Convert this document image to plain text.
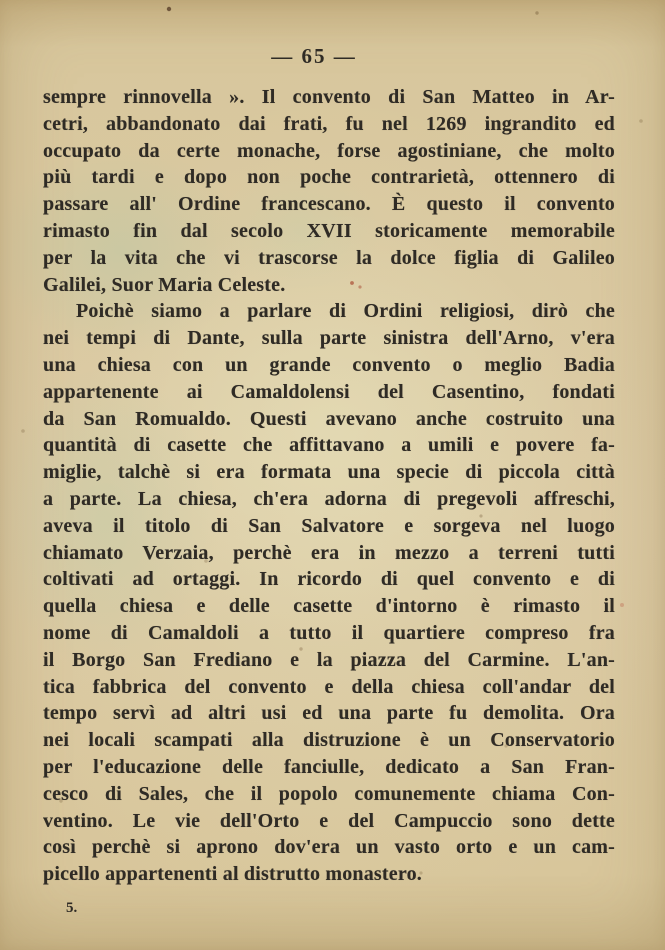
— 65 —
sempre rinnovella ». Il convento di San Matteo in Ar-
cetri, abbandonato dai frati, fu nel 1269 ingrandito ed
occupato da certe monache, forse agostiniane, che molto
più tardi e dopo non poche contrarietà, ottennero di
passare all' Ordine francescano. È questo il convento
rimasto fin dal secolo XVII storicamente memorabile
per la vita che vi trascorse la dolce figlia di Galileo
Galilei, Suor Maria Celeste.
Poichè siamo a parlare di Ordini religiosi, dirò che
nei tempi di Dante, sulla parte sinistra dell'Arno, v'era
una chiesa con un grande convento o meglio Badia
appartenente ai Camaldolensi del Casentino, fondati
da San Romualdo. Questi avevano anche costruito una
quantità di casette che affittavano a umili e povere fa-
miglie, talchè si era formata una specie di piccola città
a parte. La chiesa, ch'era adorna di pregevoli affreschi,
aveva il titolo di San Salvatore e sorgeva nel luogo
chiamato Verzaia, perchè era in mezzo a terreni tutti
coltivati ad ortaggi. In ricordo di quel convento e di
quella chiesa e delle casette d'intorno è rimasto il
nome di Camaldoli a tutto il quartiere compreso fra
il Borgo San Frediano e la piazza del Carmine. L'an-
tica fabbrica del convento e della chiesa coll'andar del
tempo servì ad altri usi ed una parte fu demolita. Ora
nei locali scampati alla distruzione è un Conservatorio
per l'educazione delle fanciulle, dedicato a San Fran-
cesco di Sales, che il popolo comunemente chiama Con-
ventino. Le vie dell'Orto e del Campuccio sono dette
così perchè si aprono dov'era un vasto orto e un cam-
picello appartenenti al distrutto monastero.
5.
